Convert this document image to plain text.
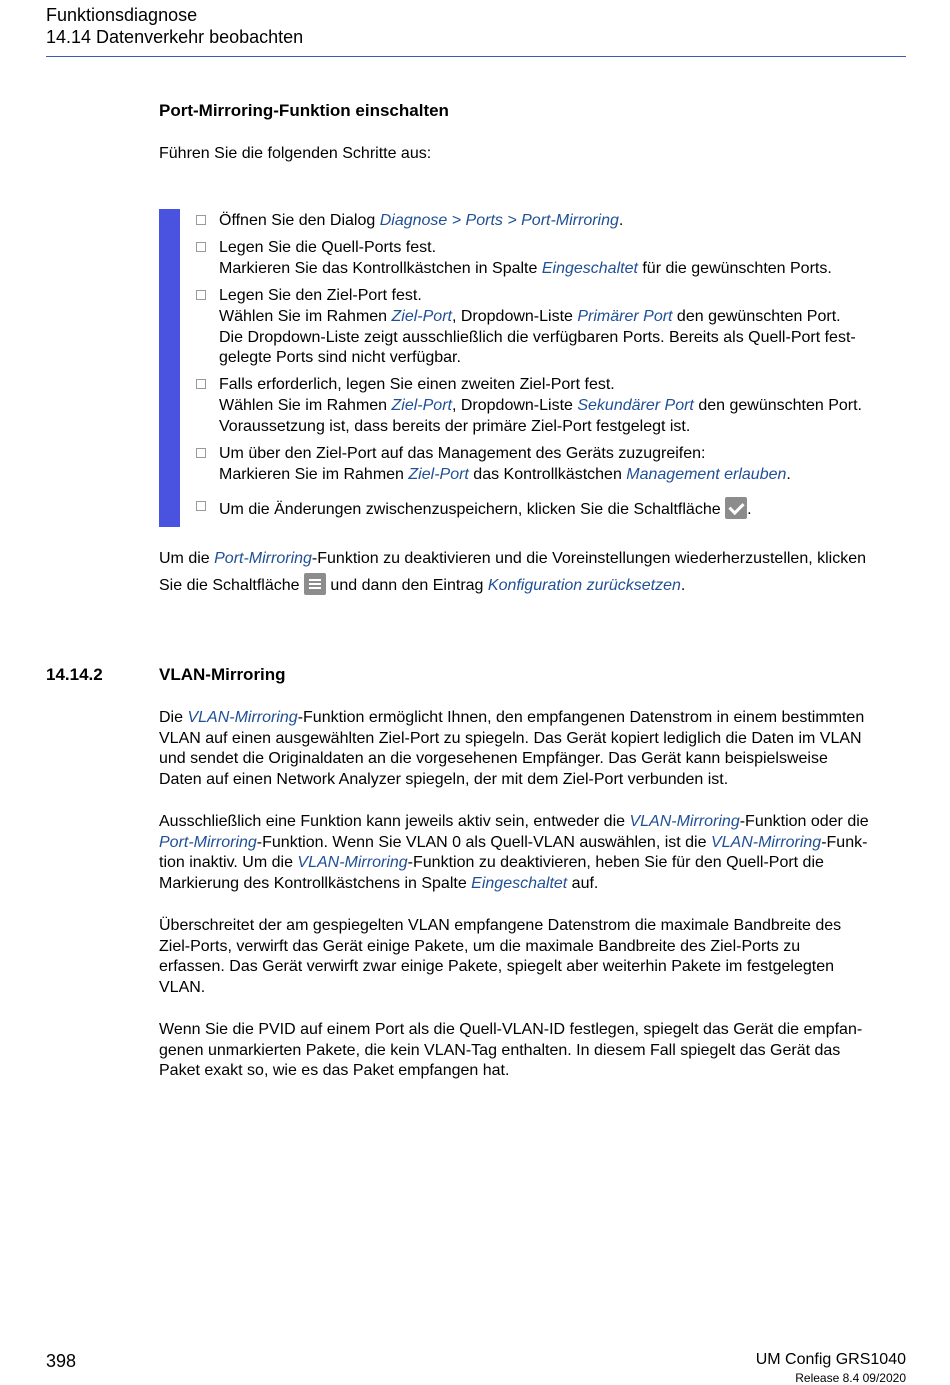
Funktionsdiagnose
14.14 Datenverkehr beobachten
Port-Mirroring-Funktion einschalten
Führen Sie die folgenden Schritte aus:
Öffnen Sie den Dialog Diagnose > Ports > Port-Mirroring.
Legen Sie die Quell-Ports fest.
Markieren Sie das Kontrollkästchen in Spalte Eingeschaltet für die gewünschten Ports.
Legen Sie den Ziel-Port fest.
Wählen Sie im Rahmen Ziel-Port, Dropdown-Liste Primärer Port den gewünschten Port.
Die Dropdown-Liste zeigt ausschließlich die verfügbaren Ports. Bereits als Quell-Port fest-
gelegte Ports sind nicht verfügbar.
Falls erforderlich, legen Sie einen zweiten Ziel-Port fest.
Wählen Sie im Rahmen Ziel-Port, Dropdown-Liste Sekundärer Port den gewünschten Port.
Voraussetzung ist, dass bereits der primäre Ziel-Port festgelegt ist.
Um über den Ziel-Port auf das Management des Geräts zuzugreifen:
Markieren Sie im Rahmen Ziel-Port das Kontrollkästchen Management erlauben.
Um die Änderungen zwischenzuspeichern, klicken Sie die Schaltfläche .
Um die Port-Mirroring-Funktion zu deaktivieren und die Voreinstellungen wiederherzustellen, klicken
Sie die Schaltfläche
und dann den Eintrag Konfiguration zurücksetzen.
14.14.2	VLAN-Mirroring
Die VLAN-Mirroring-Funktion ermöglicht Ihnen, den empfangenen Datenstrom in einem bestimmten
VLAN auf einen ausgewählten Ziel-Port zu spiegeln. Das Gerät kopiert lediglich die Daten im VLAN
und sendet die Originaldaten an die vorgesehenen Empfänger. Das Gerät kann beispielsweise
Daten auf einen Network Analyzer spiegeln, der mit dem Ziel-Port verbunden ist.
Ausschließlich eine Funktion kann jeweils aktiv sein, entweder die VLAN-Mirroring-Funktion oder die
Port-Mirroring-Funktion. Wenn Sie VLAN 0 als Quell-VLAN auswählen, ist die VLAN-Mirroring-Funk-
tion inaktiv. Um die VLAN-Mirroring-Funktion zu deaktivieren, heben Sie für den Quell-Port die
Markierung des Kontrollkästchens in Spalte Eingeschaltet auf.
Überschreitet der am gespiegelten VLAN empfangene Datenstrom die maximale Bandbreite des
Ziel-Ports, verwirft das Gerät einige Pakete, um die maximale Bandbreite des Ziel-Ports zu
erfassen. Das Gerät verwirft zwar einige Pakete, spiegelt aber weiterhin Pakete im festgelegten
VLAN.
Wenn Sie die PVID auf einem Port als die Quell-VLAN-ID festlegen, spiegelt das Gerät die empfan-
genen unmarkierten Pakete, die kein VLAN-Tag enthalten. In diesem Fall spiegelt das Gerät das
Paket exakt so, wie es das Paket empfangen hat.
398	UM Config GRS1040
Release 8.4 09/2020
